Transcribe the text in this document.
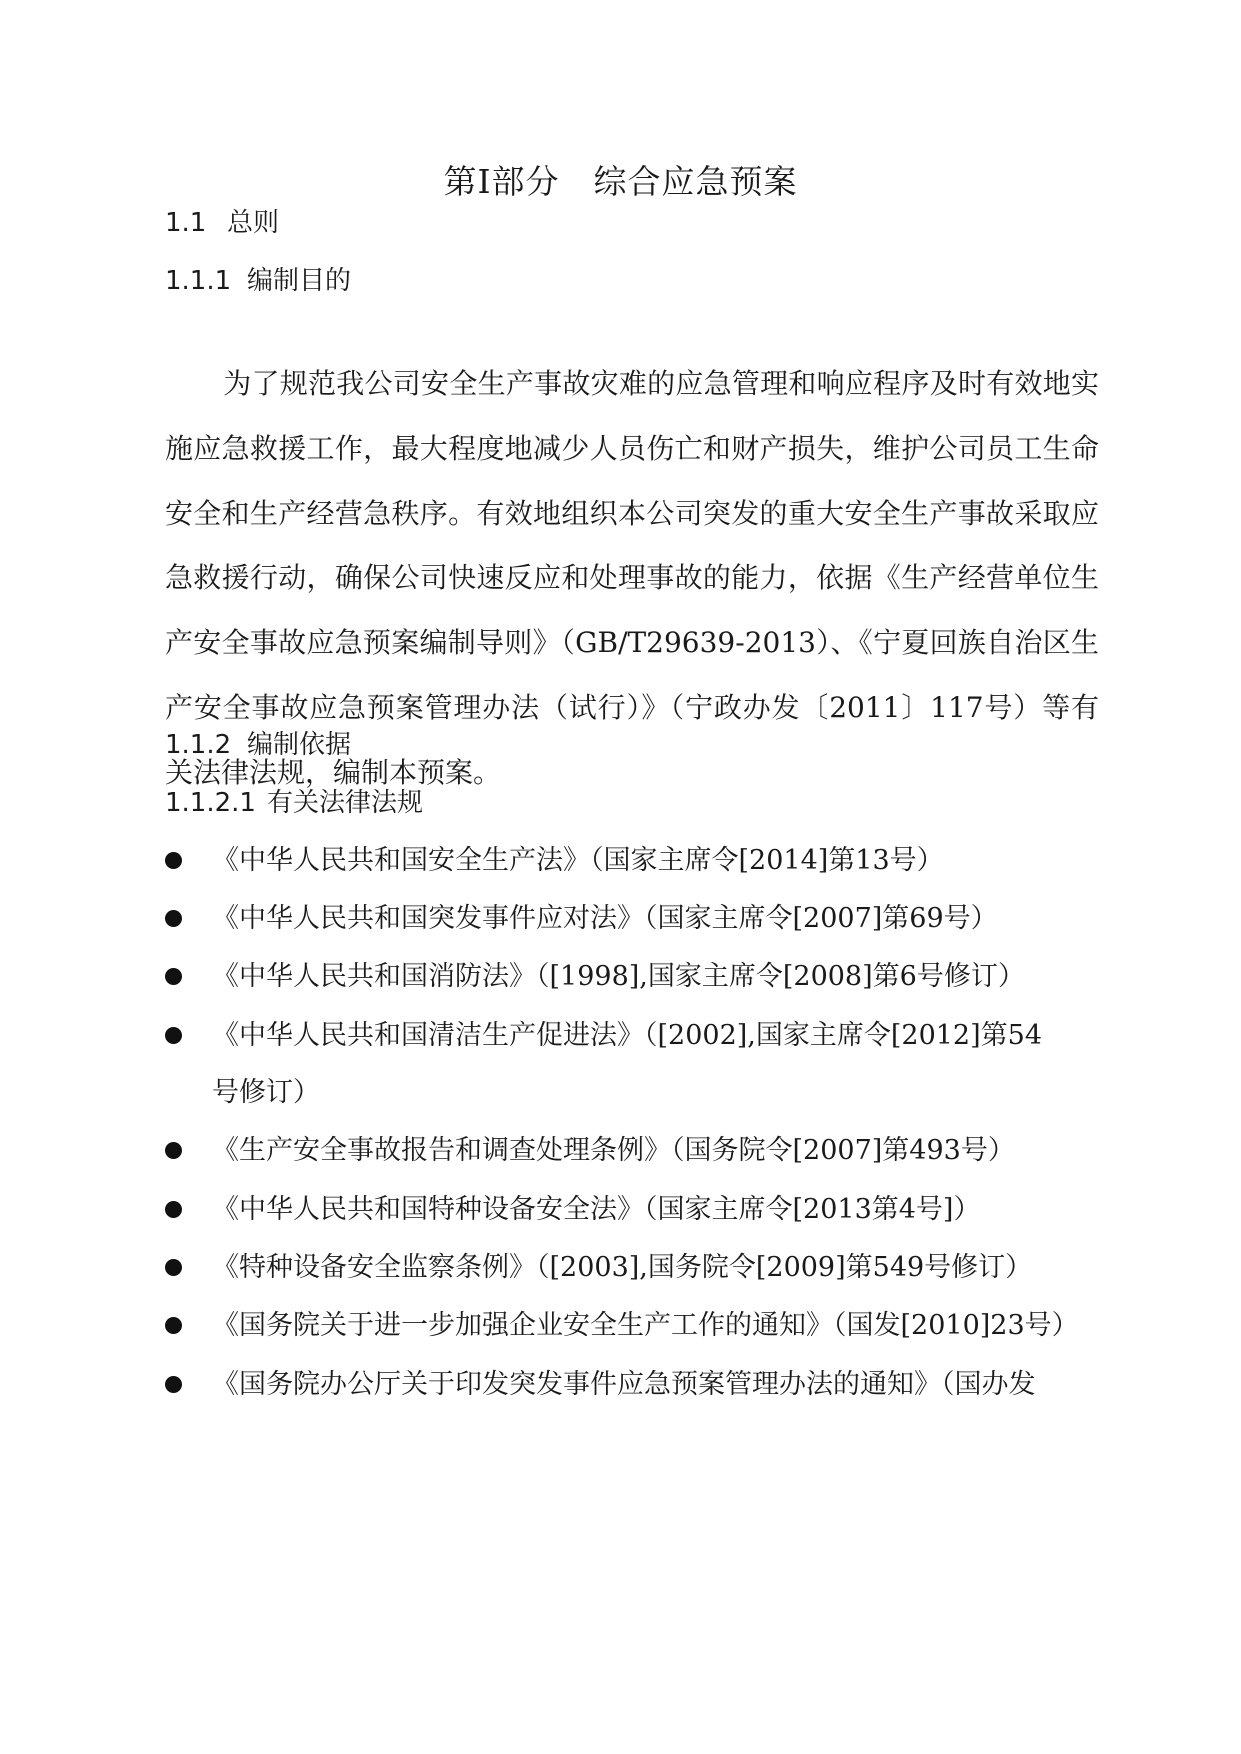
第Ⅰ部分　综合应急预案
1.1 总则
1.1.1 编制目的
为了规范我公司安全生产事故灾难的应急管理和响应程序及时有效地实施应急救援工作，最大程度地减少人员伤亡和财产损失，维护公司员工生命安全和生产经营急秩序。有效地组织本公司突发的重大安全生产事故采取应急救援行动，确保公司快速反应和处理事故的能力，依据《生产经营单位生产安全事故应急预案编制导则》（GB/T29639-2013）、《宁夏回族自治区生产安全事故应急预案管理办法（试行）》（宁政办发〔2011〕117号）等有关法律法规，编制本预案。
1.1.2 编制依据
1.1.2.1 有关法律法规
《中华人民共和国安全生产法》（国家主席令[2014]第13号）
《中华人民共和国突发事件应对法》（国家主席令[2007]第69号）
《中华人民共和国消防法》（[1998],国家主席令[2008]第6号修订）
《中华人民共和国清洁生产促进法》（[2002],国家主席令[2012]第54
号修订）
《生产安全事故报告和调查处理条例》（国务院令[2007]第493号）
《中华人民共和国特种设备安全法》（国家主席令[2013第4号]）
《特种设备安全监察条例》（[2003],国务院令[2009]第549号修订）
《国务院关于进一步加强企业安全生产工作的通知》（国发[2010]23号）
《国务院办公厅关于印发突发事件应急预案管理办法的通知》（国办发
